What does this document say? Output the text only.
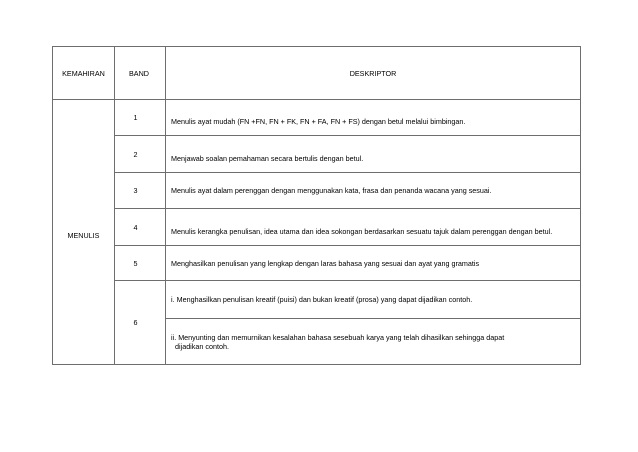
KEMAHIRAN	BAND	DESKRIPTOR
MENULIS	1	Menulis ayat mudah (FN +FN, FN + FK, FN + FA, FN + FS) dengan betul melalui bimbingan.
	2	Menjawab soalan pemahaman secara bertulis dengan betul.
	3	Menulis ayat dalam perenggan dengan menggunakan kata, frasa dan penanda wacana yang sesuai.
	4	Menulis kerangka penulisan, idea utama dan idea sokongan berdasarkan sesuatu tajuk dalam perenggan dengan betul.
	5	Menghasilkan penulisan yang lengkap dengan laras bahasa yang sesuai dan ayat yang gramatis
	6	i. Menghasilkan penulisan kreatif (puisi) dan bukan kreatif (prosa) yang dapat dijadikan contoh.
		ii. Menyunting dan memurnikan kesalahan bahasa sesebuah karya yang telah dihasilkan sehingga dapat
dijadikan contoh.
